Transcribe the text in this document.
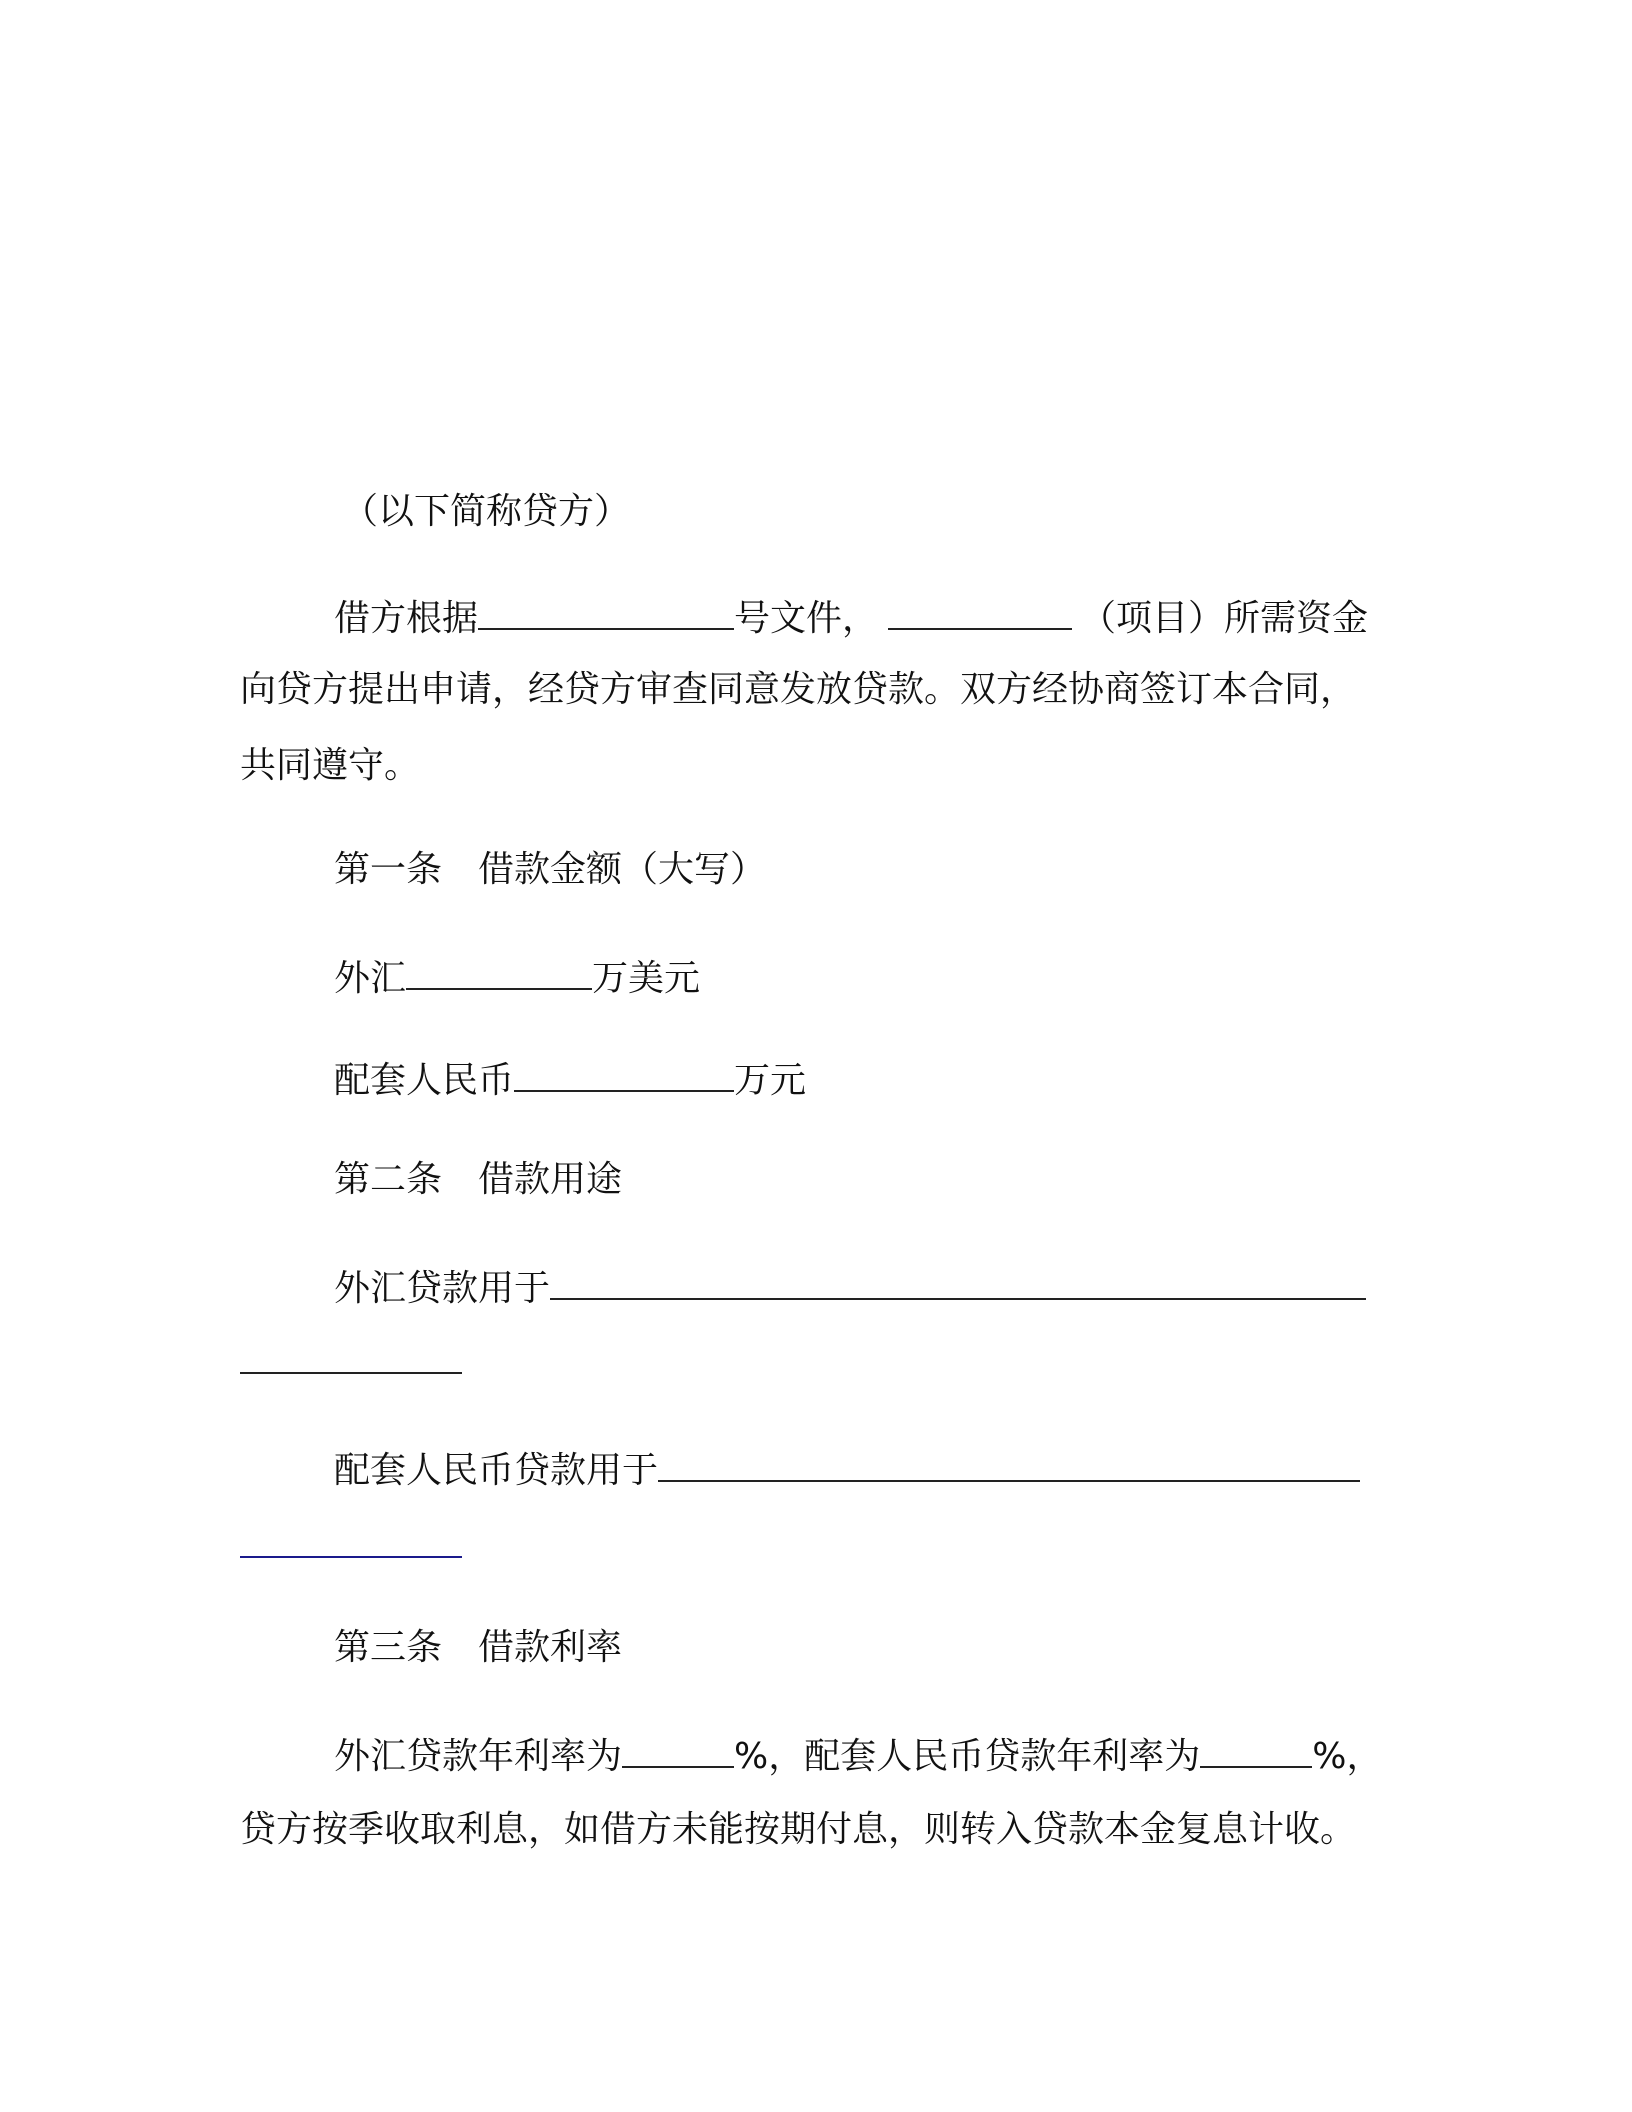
（以下简称贷方）
借方根据	号文件，	（项目）所需资金
向贷方提出申请，经贷方审查同意发放贷款。双方经协商签订本合同，
共同遵守。
第一条 借款金额（大写）
外汇	万美元
配套人民币	万元
第二条 借款用途
外汇贷款用于
配套人民币贷款用于
第三条 借款利率
外汇贷款年利率为	%，配套人民币贷款年利率为	%，
贷方按季收取利息，如借方未能按期付息，则转入贷款本金复息计收。
